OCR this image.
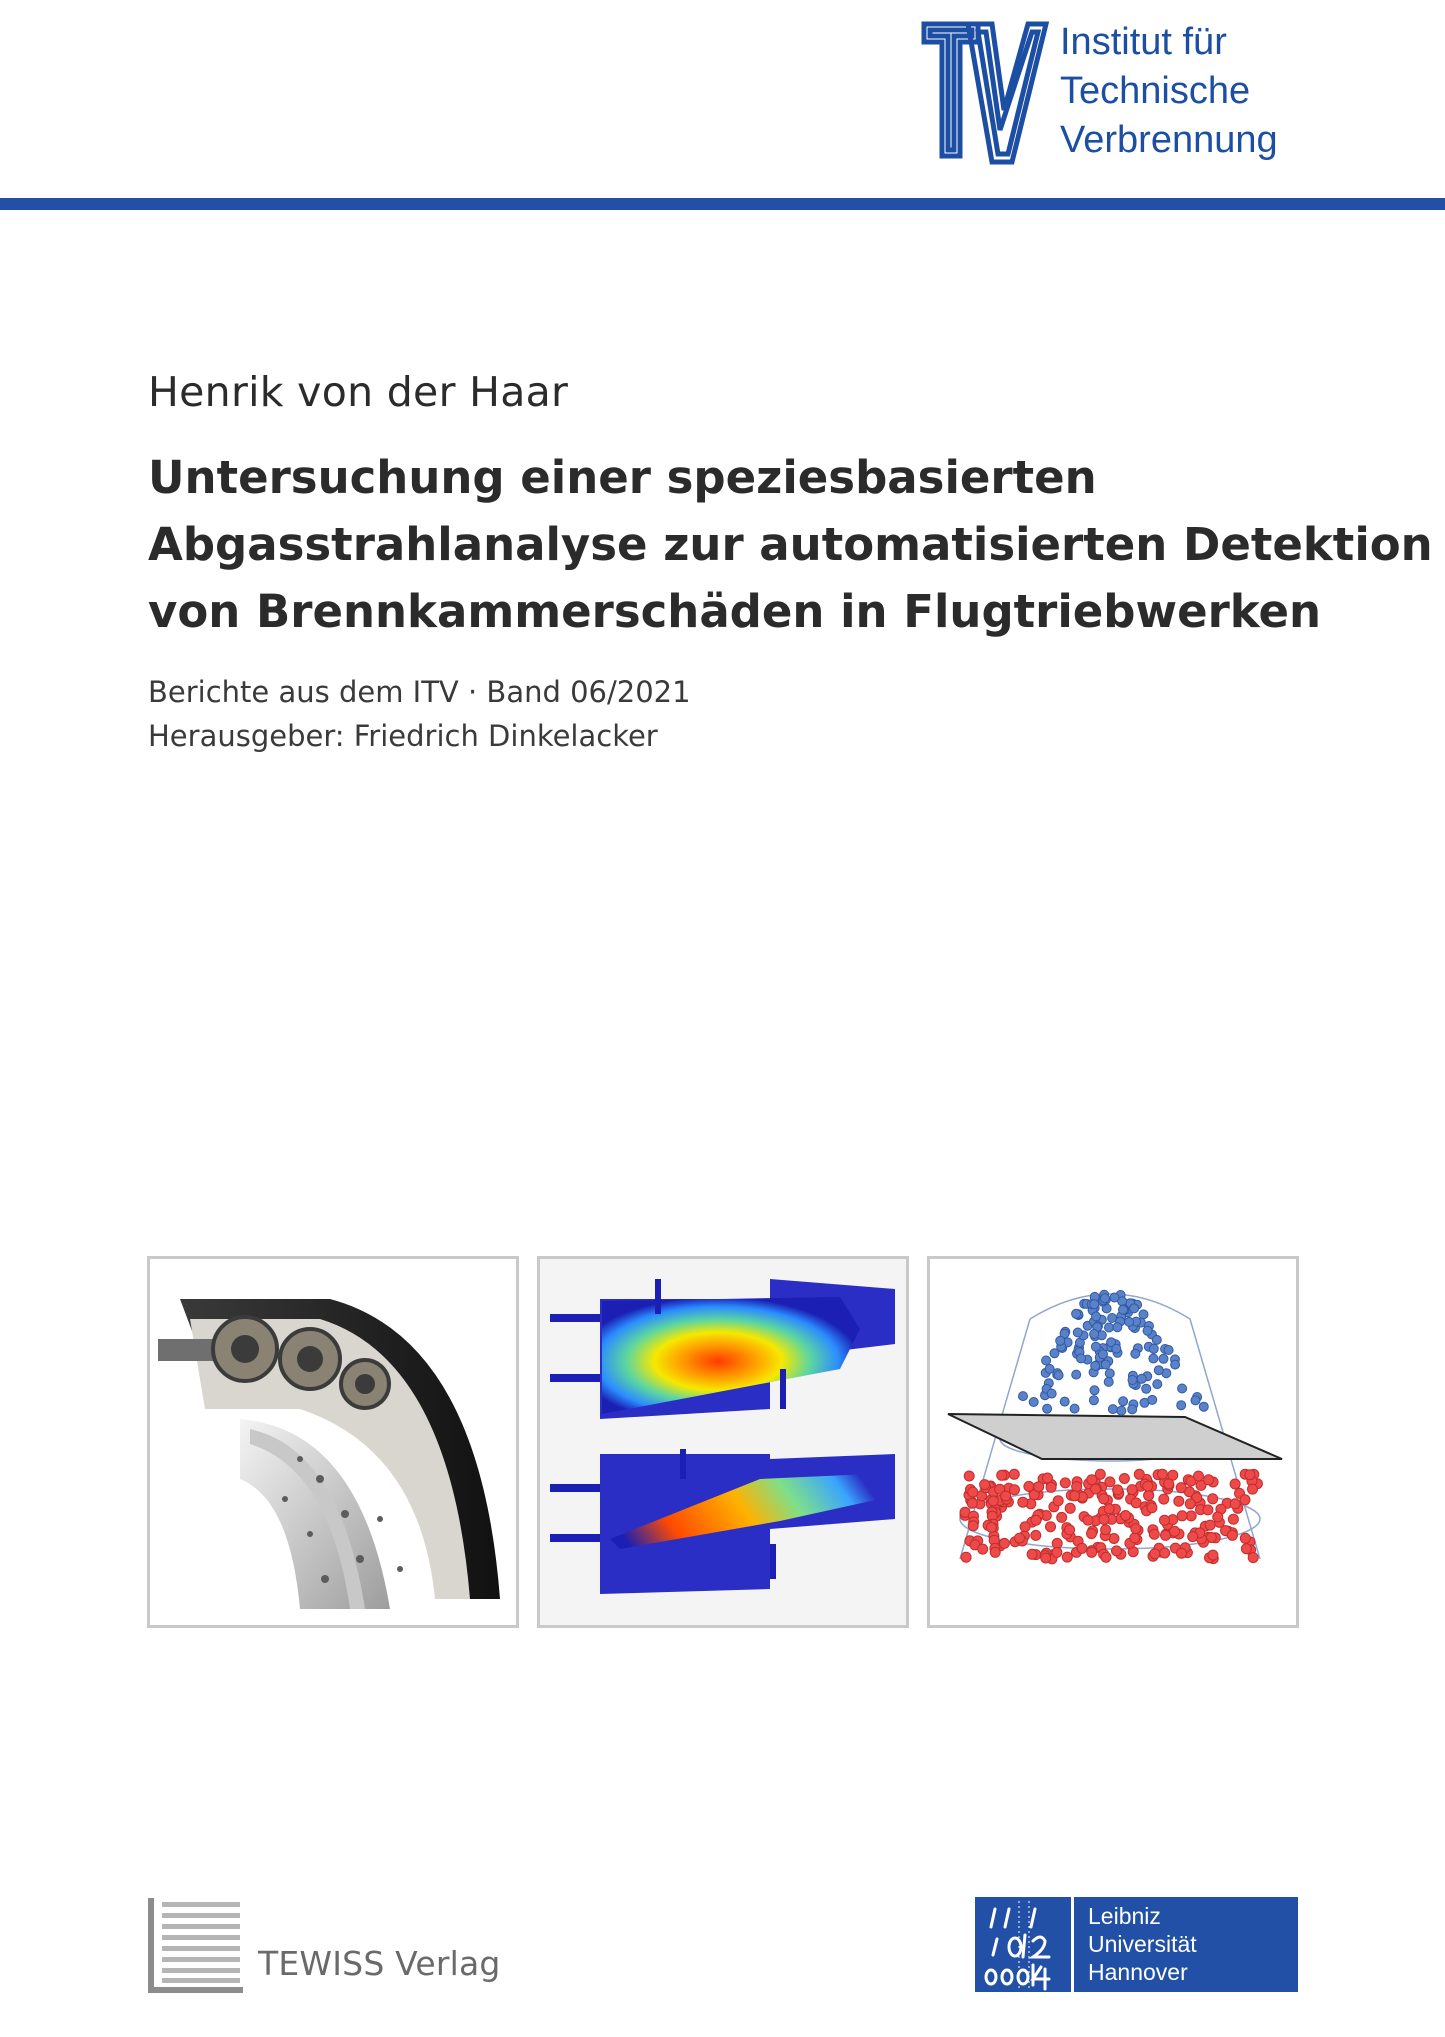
Institut für
Technische
Verbrennung
Henrik von der Haar
Untersuchung einer speziesbasierten
Abgasstrahlanalyse zur automatisierten Detektion
von Brennkammerschäden in Flugtriebwerken
Berichte aus dem ITV · Band 06/2021
Herausgeber: Friedrich Dinkelacker
TEWISS Verlag
Leibniz
Universität
Hannover
